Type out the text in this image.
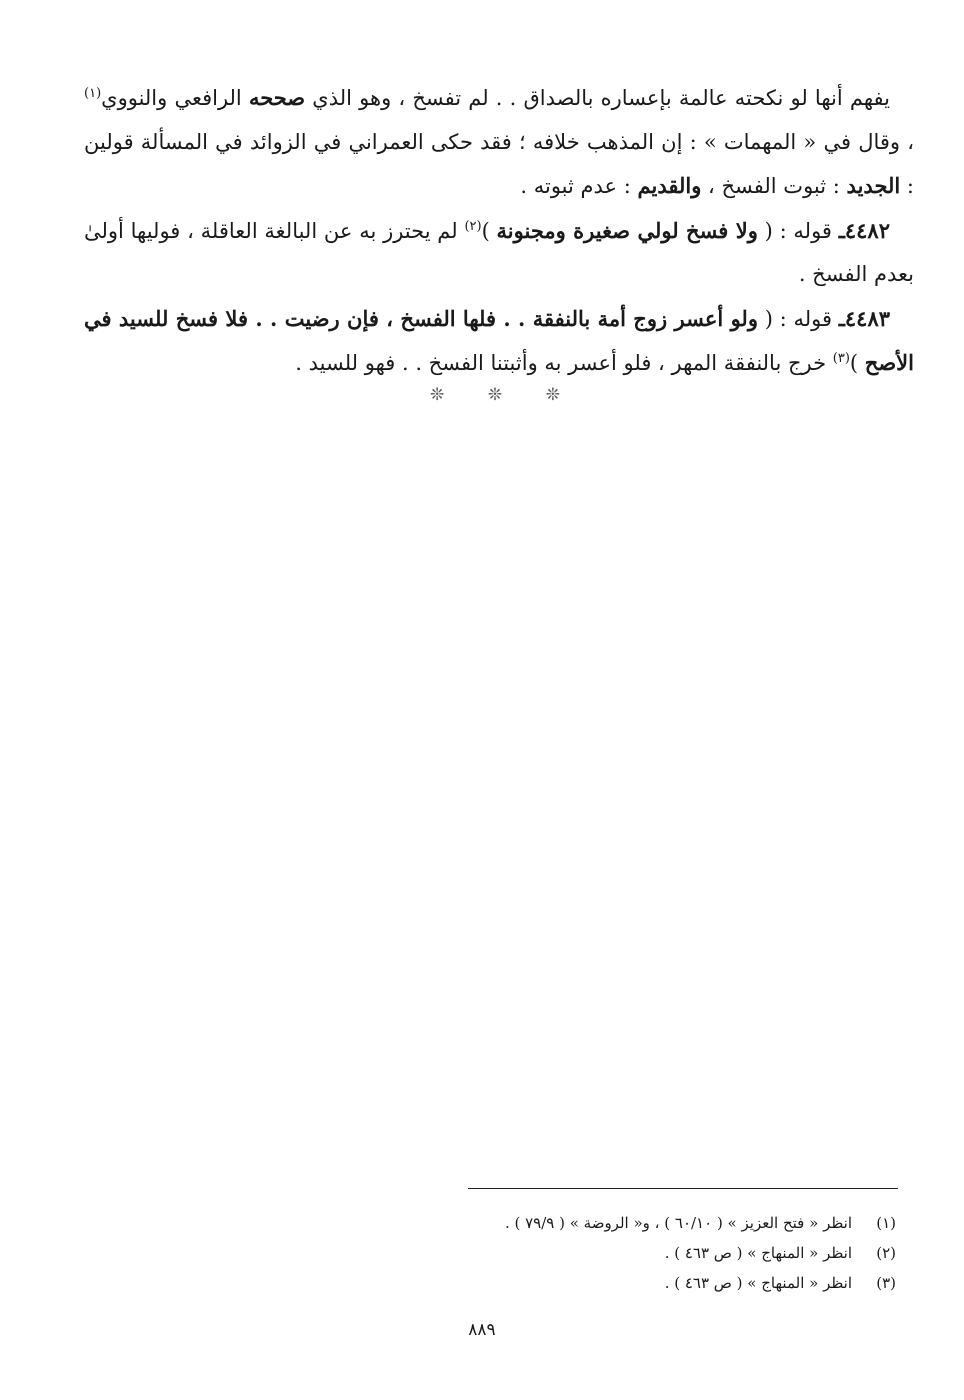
يفهم أنها لو نكحته عالمة بإعساره بالصداق . . لم تفسخ ، وهو الذي صححه الرافعي والنووي$^{(١)}$ ، وقال في « المهمات » : إن المذهب خلافه ؛ فقد حكى العمراني في الزوائد في المسألة قولين : الجديد : ثبوت الفسخ ، والقديم : عدم ثبوته .

٤٤٨٢ـ قوله : ( ولا فسخ لولي صغيرة ومجنونة )$^{(٢)}$ لم يحترز به عن البالغة العاقلة ، فوليها أولىٰ بعدم الفسخ .

٤٤٨٣ـ قوله : ( ولو أعسر زوج أمة بالنفقة . . فلها الفسخ ، فإن رضيت . . فلا فسخ للسيد في الأصح )$^{(٣)}$ خرج بالنفقة المهر ، فلو أعسر به وأثبتنا الفسخ . . فهو للسيد .

❊	❊	❊

(١)انظر « فتح العزيز » ( ٦٠/١٠ ) ، و« الروضة » ( ٧٩/٩ ) .

(٢)انظر « المنهاج » ( ص ٤٦٣ ) .

(٣)انظر « المنهاج » ( ص ٤٦٣ ) .

٨٨٩
